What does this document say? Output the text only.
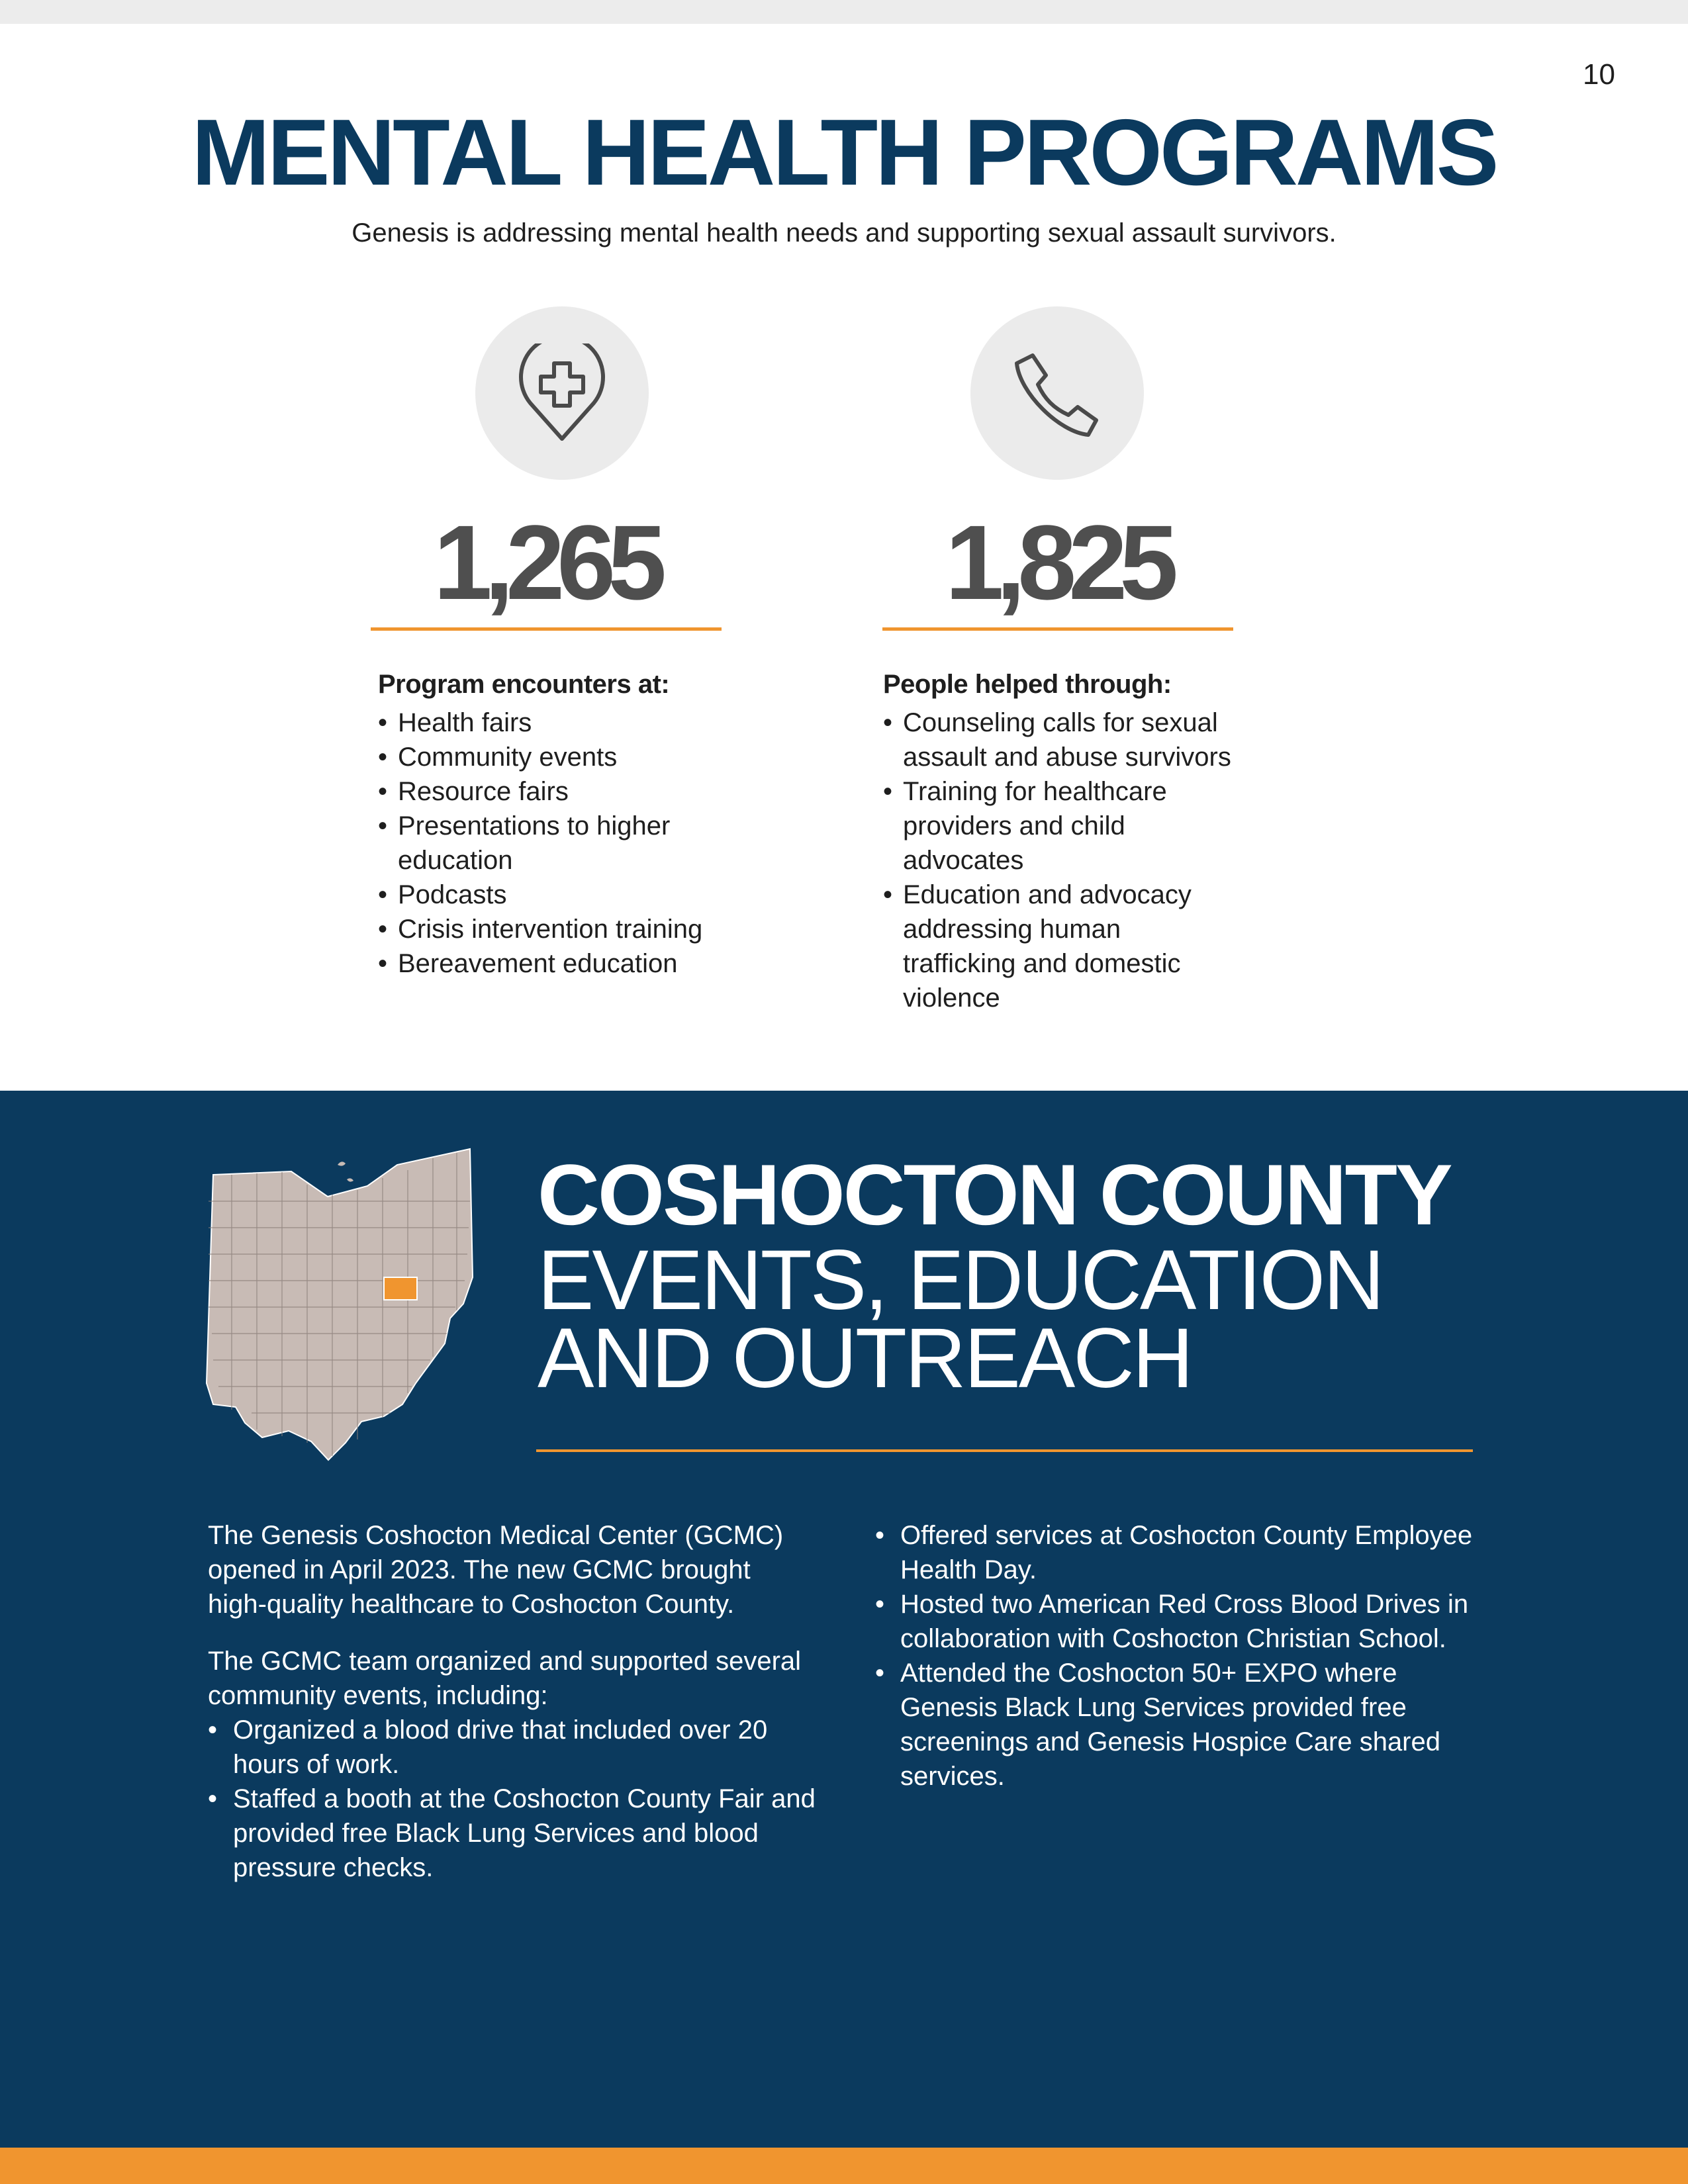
10
MENTAL HEALTH PROGRAMS
Genesis is addressing mental health needs and supporting sexual assault survivors.
1,265
Program encounters at:
• Health fairs
• Community events
• Resource fairs
• Presentations to higher education
• Podcasts
• Crisis intervention training
• Bereavement education
1,825
People helped through:
• Counseling calls for sexual assault and abuse survivors
• Training for healthcare providers and child advocates
• Education and advocacy addressing human trafficking and domestic violence
COSHOCTON COUNTY
EVENTS, EDUCATION AND OUTREACH

The Genesis Coshocton Medical Center (GCMC) opened in April 2023. The new GCMC brought high-quality healthcare to Coshocton County.

The GCMC team organized and supported several community events, including:

• Organized a blood drive that included over 20 hours of work.
• Staffed a booth at the Coshocton County Fair and provided free Black Lung Services and blood pressure checks.
• Offered services at Coshocton County Employee Health Day.
• Hosted two American Red Cross Blood Drives in collaboration with Coshocton Christian School.
• Attended the Coshocton 50+ EXPO where Genesis Black Lung Services provided free screenings and Genesis Hospice Care shared services.
